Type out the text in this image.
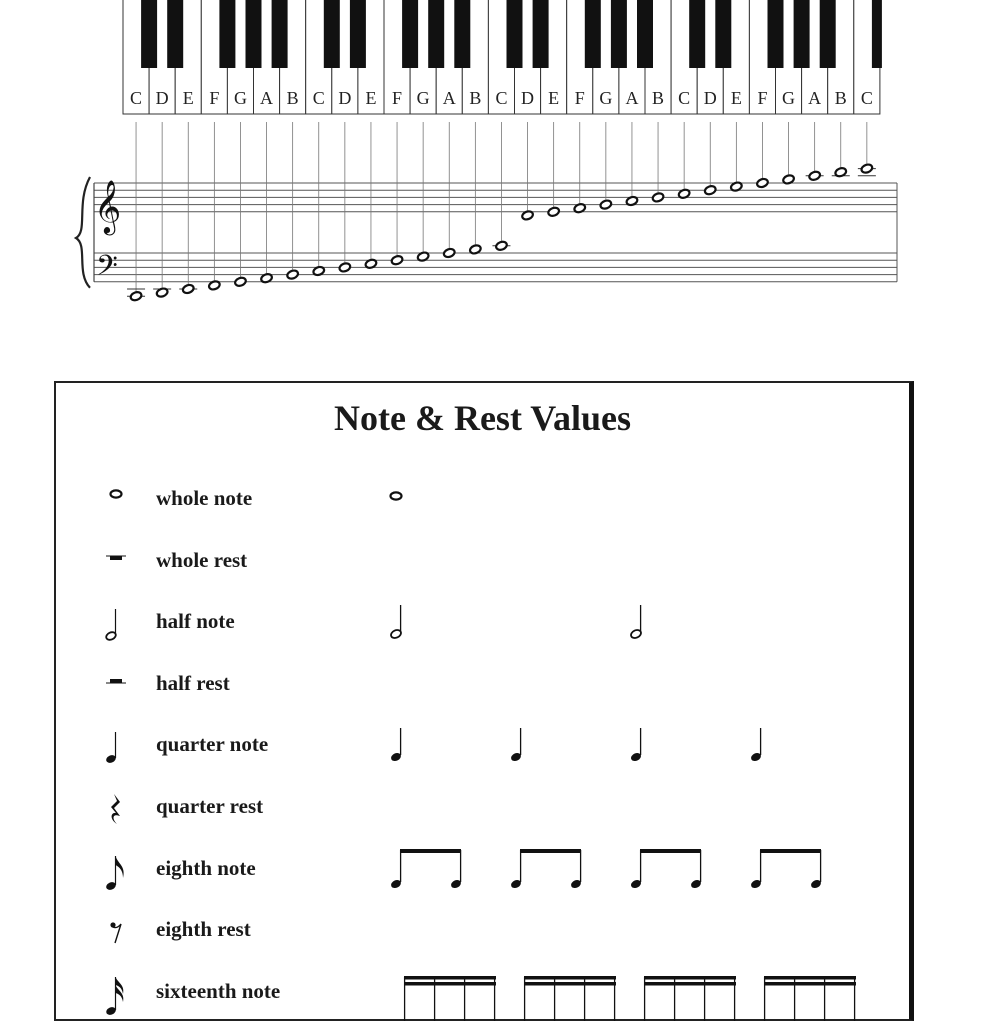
C D E F G A B C D E F G A B C D E F G A B C D E F G A B C
𝄞
𝄢
Note & Rest Values
whole note
whole rest
half note
half rest
quarter note
quarter rest
eighth note
eighth rest
sixteenth note
